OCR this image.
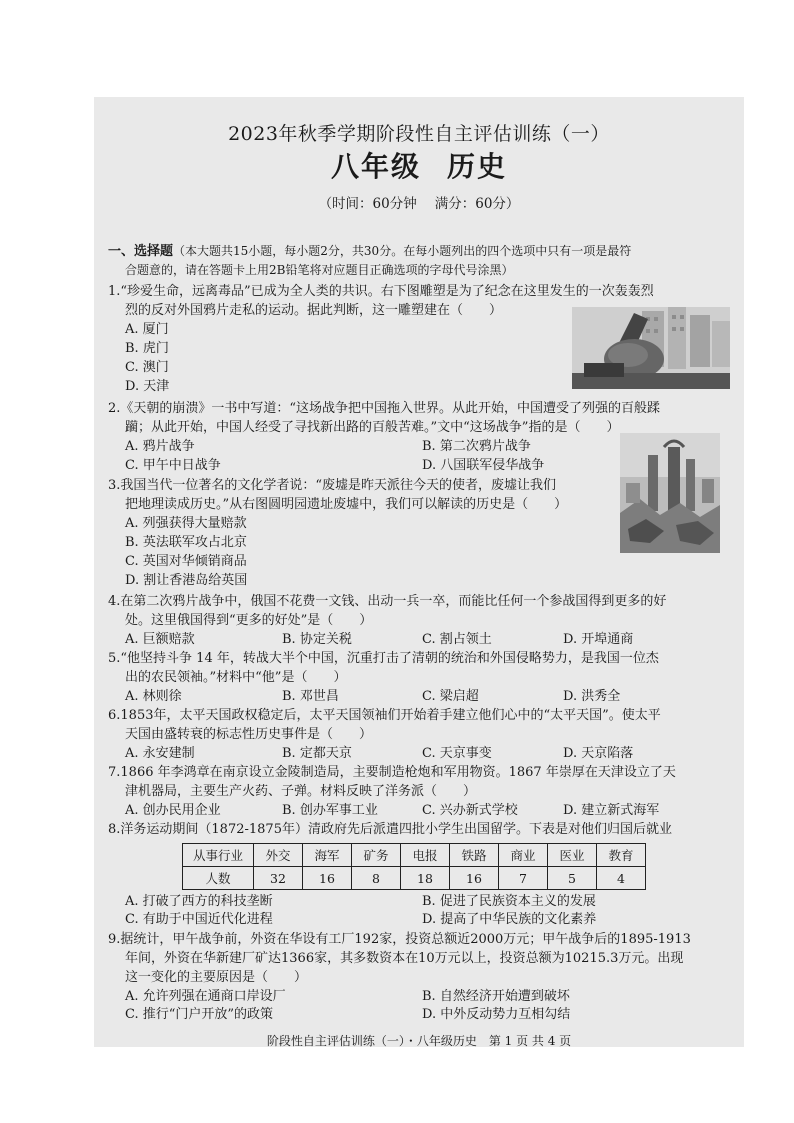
2023年秋季学期阶段性自主评估训练（一）
八年级 历史
（时间：60分钟 满分：60分）
一、选择题（本大题共15小题，每小题2分，共30分。在每小题列出的四个选项中只有一项是最符
合题意的，请在答题卡上用2B铅笔将对应题目正确选项的字母代号涂黑）
1.“珍爱生命，远离毒品”已成为全人类的共识。右下图雕塑是为了纪念在这里发生的一次轰轰烈
烈的反对外国鸦片走私的运动。据此判断，这一雕塑建在（　　）
A. 厦门
B. 虎门
C. 澳门
D. 天津
2.《天朝的崩溃》一书中写道：“这场战争把中国拖入世界。从此开始，中国遭受了列强的百般蹂
躏；从此开始，中国人经受了寻找新出路的百般苦难。”文中“这场战争”指的是（　　）
A. 鸦片战争	B. 第二次鸦片战争
C. 甲午中日战争	D. 八国联军侵华战争
3.我国当代一位著名的文化学者说：“废墟是昨天派往今天的使者，废墟让我们
把地理读成历史。”从右图圆明园遗址废墟中，我们可以解读的历史是（　　）
A. 列强获得大量赔款
B. 英法联军攻占北京
C. 英国对华倾销商品
D. 割让香港岛给英国
4.在第二次鸦片战争中，俄国不花费一文钱、出动一兵一卒，而能比任何一个参战国得到更多的好
处。这里俄国得到“更多的好处”是（　　）
A. 巨额赔款	B. 协定关税	C. 割占领土	D. 开埠通商
5.“他坚持斗争 14 年，转战大半个中国，沉重打击了清朝的统治和外国侵略势力，是我国一位杰
出的农民领袖。”材料中“他”是（　　）
A. 林则徐	B. 邓世昌	C. 梁启超	D. 洪秀全
6.1853年，太平天国政权稳定后，太平天国领袖们开始着手建立他们心中的“太平天国”。使太平
天国由盛转衰的标志性历史事件是（　　）
A. 永安建制	B. 定都天京	C. 天京事变	D. 天京陷落
7.1866 年李鸿章在南京设立金陵制造局，主要制造枪炮和军用物资。1867 年崇厚在天津设立了天
津机器局，主要生产火药、子弹。材料反映了洋务派（　　）
A. 创办民用企业	B. 创办军事工业	C. 兴办新式学校	D. 建立新式海军
8.洋务运动期间（1872-1875年）清政府先后派遣四批小学生出国留学。下表是对他们归国后就业
从事行业	外交	海军	矿务	电报	铁路	商业	医业	教育
人数	32	16	8	18	16	7	5	4
A. 打破了西方的科技垄断	B. 促进了民族资本主义的发展
C. 有助于中国近代化进程	D. 提高了中华民族的文化素养
9.据统计，甲午战争前，外资在华设有工厂192家，投资总额近2000万元；甲午战争后的1895-1913
年间，外资在华新建厂矿达1366家，其多数资本在10万元以上，投资总额为10215.3万元。出现
这一变化的主要原因是（　　）
A. 允许列强在通商口岸设厂	B. 自然经济开始遭到破坏
C. 推行“门户开放”的政策	D. 中外反动势力互相勾结
阶段性自主评估训练（一）・八年级历史　第 1 页 共 4 页
